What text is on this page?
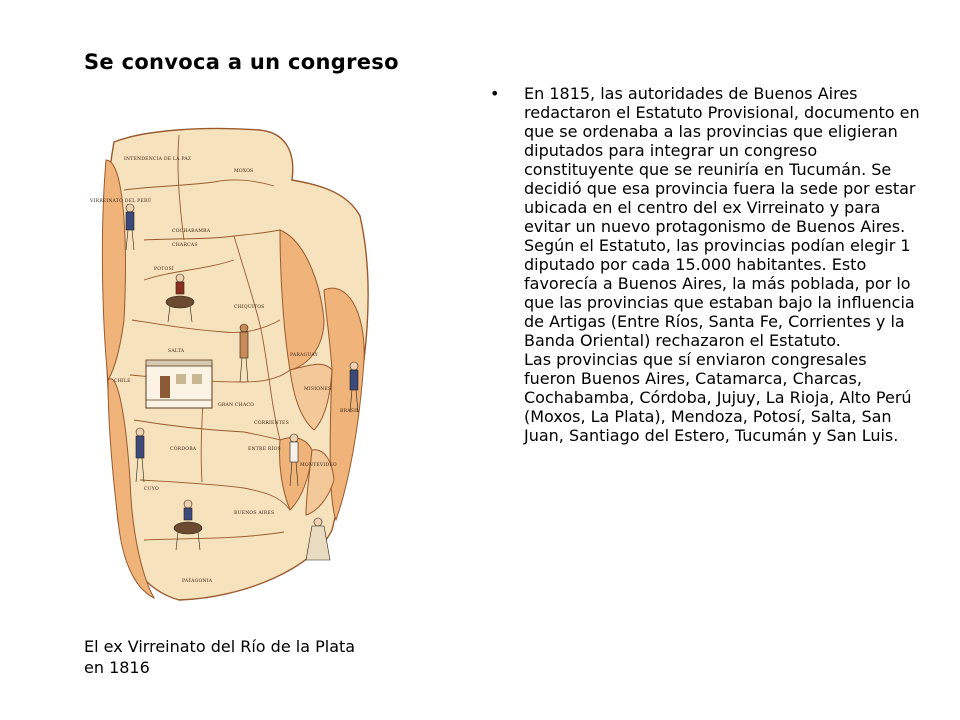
Se convoca a un congreso
INTENDENCIA DE LA PAZ
VIRREINATO DEL PERÚ
MOXOS
COCHABAMBA
CHARCAS
POTOSÍ
CHIQUITOS
PARAGUAY
SALTA
CHILE
GRAN CHACO
CORRIENTES
MISIONES
BRASIL
CÓRDOBA	ENTRE RÍOS
MONTEVIDEO
CUYO
BUENOS AIRES
PATAGONIA
El ex Virreinato del Río de la Plata en 1816
• En 1815, las autoridades de Buenos Aires redactaron el Estatuto Provisional, documento en que se ordenaba a las provincias que eligieran diputados para integrar un congreso constituyente que se reuniría en Tucumán. Se decidió que esa provincia fuera la sede por estar ubicada en el centro del ex Virreinato y para evitar un nuevo protagonismo de Buenos Aires.
Según el Estatuto, las provincias podían elegir 1 diputado por cada 15.000 habitantes. Esto favorecía a Buenos Aires, la más poblada, por lo que las provincias que estaban bajo la influencia de Artigas (Entre Ríos, Santa Fe, Corrientes y la Banda Oriental) rechazaron el Estatuto.
Las provincias que sí enviaron congresales fueron Buenos Aires, Catamarca, Charcas, Cochabamba, Córdoba, Jujuy, La Rioja, Alto Perú (Moxos, La Plata), Mendoza, Potosí, Salta, San Juan, Santiago del Estero, Tucumán y San Luis.
